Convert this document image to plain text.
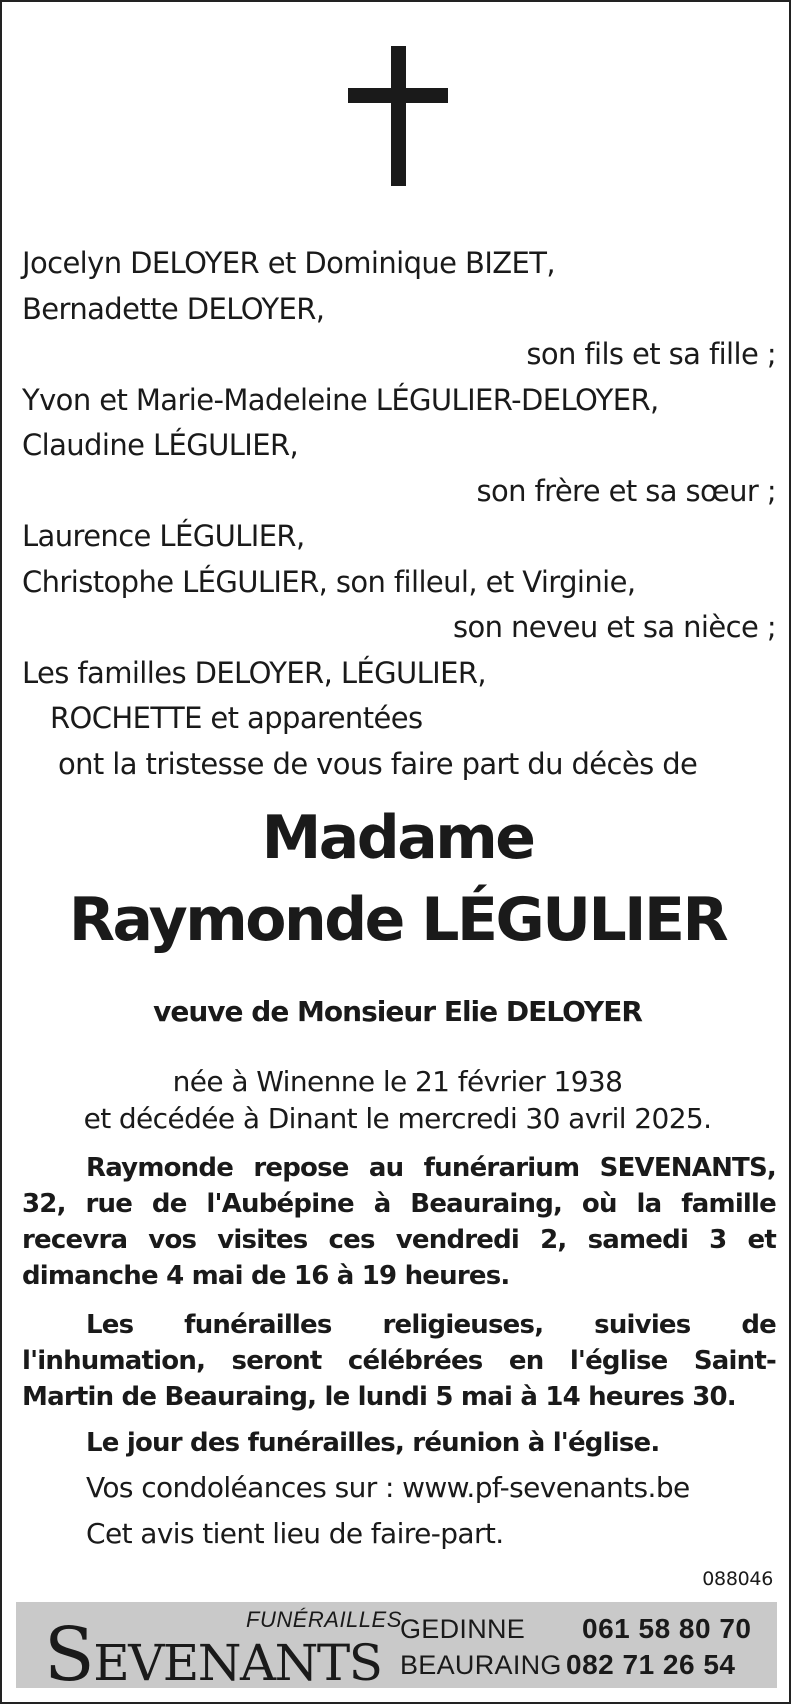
Jocelyn DELOYER et Dominique BIZET,
Bernadette DELOYER,
son fils et sa fille ;
Yvon et Marie-Madeleine LÉGULIER-DELOYER,
Claudine LÉGULIER,
son frère et sa sœur ;
Laurence LÉGULIER,
Christophe LÉGULIER, son filleul, et Virginie,
son neveu et sa nièce ;
Les familles DELOYER, LÉGULIER,
ROCHETTE et apparentées
ont la tristesse de vous faire part du décès de
Madame
Raymonde LÉGULIER
veuve de Monsieur Elie DELOYER
née à Winenne le 21 février 1938
et décédée à Dinant le mercredi 30 avril 2025.
Raymonde repose au funérarium SEVENANTS, 32, rue de l'Aubépine à Beauraing, où la famille recevra vos visites ces vendredi 2, samedi 3 et dimanche 4 mai de 16 à 19 heures.
Les funérailles religieuses, suivies de l'inhumation, seront célébrées en l'église Saint-Martin de Beauraing, le lundi 5 mai à 14 heures 30.
Le jour des funérailles, réunion à l'église.
Vos condoléances sur : www.pf-sevenants.be
Cet avis tient lieu de faire-part.
088046
SEVENANTS
FUNÉRAILLES
GEDINNE 061 58 80 70
BEAURAING 082 71 26 54
